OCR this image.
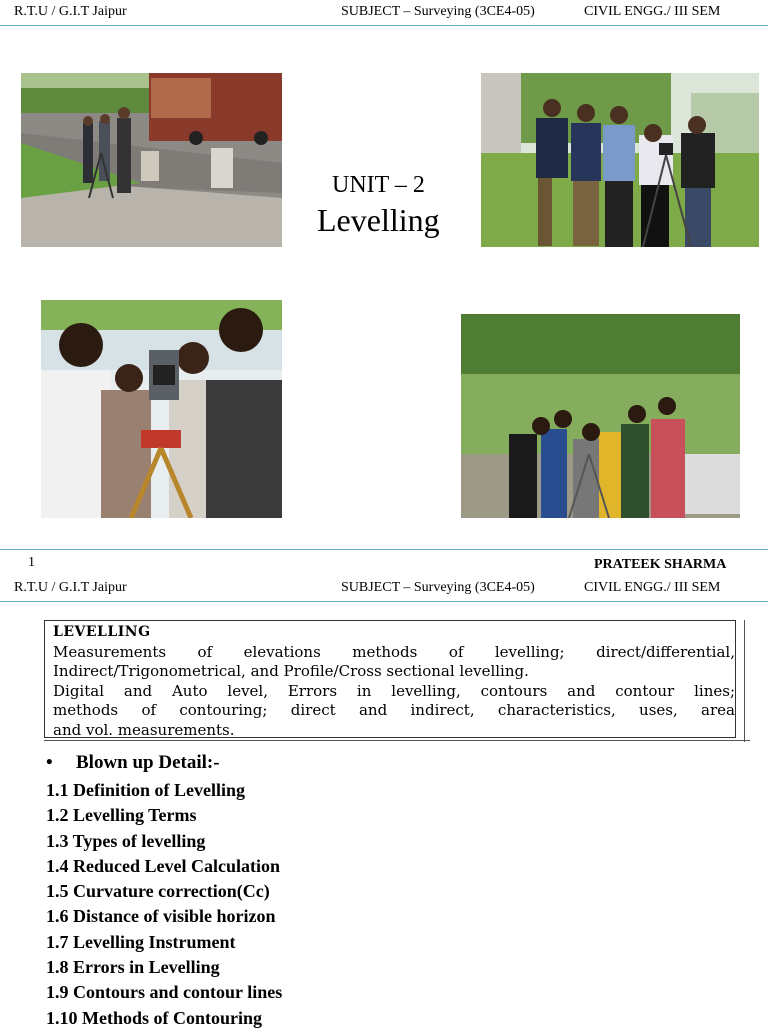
R.T.U / G.I.T Jaipur	SUBJECT – Surveying (3CE4-05)	CIVIL ENGG./ III SEM
UNIT – 2
Levelling
1	PRATEEK SHARMA
R.T.U / G.I.T Jaipur	SUBJECT – Surveying (3CE4-05)	CIVIL ENGG./ III SEM
LEVELLING
Measurements of elevations methods of levelling; direct/differential,
Indirect/Trigonometrical, and Profile/Cross sectional levelling.
Digital and Auto level, Errors in levelling, contours and contour lines;
methods of contouring; direct and indirect, characteristics, uses, area
and vol. measurements.
• Blown up Detail:-
1.1 Definition of Levelling
1.2 Levelling Terms
1.3 Types of levelling
1.4 Reduced Level Calculation
1.5 Curvature correction(Cc)
1.6 Distance of visible horizon
1.7 Levelling Instrument
1.8 Errors in Levelling
1.9 Contours and contour lines
1.10 Methods of Contouring
